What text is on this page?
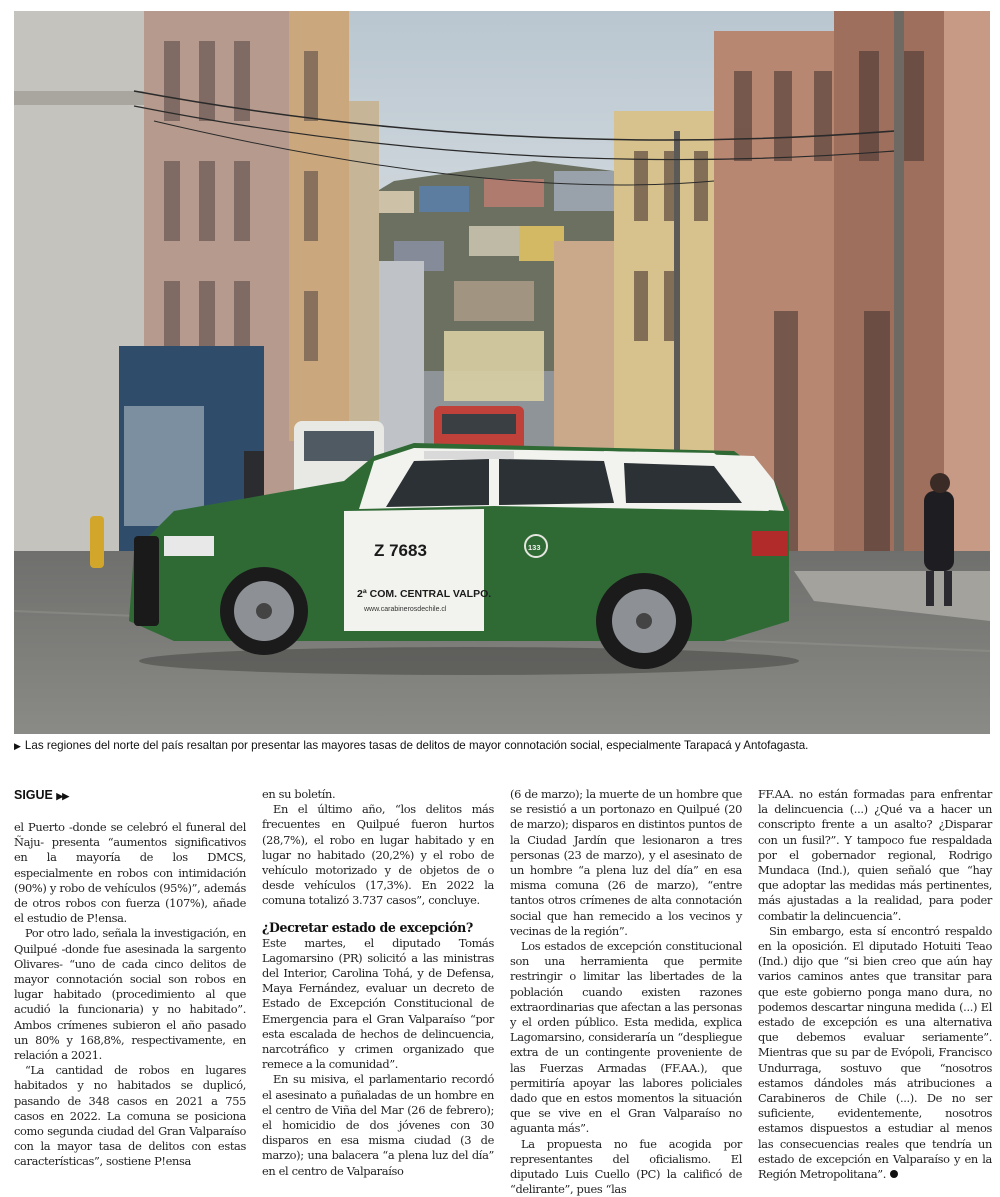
Z 7683
2ª COM. CENTRAL VALPO.
www.carabinerosdechile.cl
133
▶ Las regiones del norte del país resaltan por presentar las mayores tasas de delitos de mayor connotación social, especialmente Tarapacá y Antofagasta.
SIGUE ▶▶

el Puerto -donde se celebró el funeral del Ñaju- presenta “aumentos significativos en la mayoría de los DMCS, especialmente en robos con intimidación (90%) y robo de vehículos (95%)”, además de otros robos con fuerza (107%), añade el estudio de P!ensa.

Por otro lado, señala la investigación, en Quilpué -donde fue asesinada la sargento Olivares- “uno de cada cinco delitos de mayor connotación social son robos en lugar habitado (procedimiento al que acudió la funcionaria) y no habitado”. Ambos crímenes subieron el año pasado un 80% y 168,8%, respectivamente, en relación a 2021.

“La cantidad de robos en lugares habitados y no habitados se duplicó, pasando de 348 casos en 2021 a 755 casos en 2022. La comuna se posiciona como segunda ciudad del Gran Valparaíso con la mayor tasa de delitos con estas características”, sostiene P!ensa

en su boletín.

En el último año, “los delitos más frecuentes en Quilpué fueron hurtos (28,7%), el robo en lugar habitado y en lugar no habitado (20,2%) y el robo de vehículo motorizado y de objetos de o desde vehículos (17,3%). En 2022 la comuna totalizó 3.737 casos”, concluye.

¿Decretar estado de excepción?

Este martes, el diputado Tomás Lagomarsino (PR) solicitó a las ministras del Interior, Carolina Tohá, y de Defensa, Maya Fernández, evaluar un decreto de Estado de Excepción Constitucional de Emergencia para el Gran Valparaíso “por esta escalada de hechos de delincuencia, narcotráfico y crimen organizado que remece a la comunidad”.

En su misiva, el parlamentario recordó el asesinato a puñaladas de un hombre en el centro de Viña del Mar (26 de febrero); el homicidio de dos jóvenes con 30 disparos en esa misma ciudad (3 de marzo); una balacera “a plena luz del día” en el centro de Valparaíso

(6 de marzo); la muerte de un hombre que se resistió a un portonazo en Quilpué (20 de marzo); disparos en distintos puntos de la Ciudad Jardín que lesionaron a tres personas (23 de marzo), y el asesinato de un hombre “a plena luz del día” en esa misma comuna (26 de marzo), “entre tantos otros crímenes de alta connotación social que han remecido a los vecinos y vecinas de la región”.

Los estados de excepción constitucional son una herramienta que permite restringir o limitar las libertades de la población cuando existen razones extraordinarias que afectan a las personas y el orden público. Esta medida, explica Lagomarsino, consideraría un “despliegue extra de un contingente proveniente de las Fuerzas Armadas (FF.AA.), que permitiría apoyar las labores policiales dado que en estos momentos la situación que se vive en el Gran Valparaíso no aguanta más”.

La propuesta no fue acogida por representantes del oficialismo. El diputado Luis Cuello (PC) la calificó de “delirante”, pues “las

FF.AA. no están formadas para enfrentar la delincuencia (...) ¿Qué va a hacer un conscripto frente a un asalto? ¿Disparar con un fusil?”. Y tampoco fue respaldada por el gobernador regional, Rodrigo Mundaca (Ind.), quien señaló que “hay que adoptar las medidas más pertinentes, más ajustadas a la realidad, para poder combatir la delincuencia”.

Sin embargo, esta sí encontró respaldo en la oposición. El diputado Hotuiti Teao (Ind.) dijo que “si bien creo que aún hay varios caminos antes que transitar para que este gobierno ponga mano dura, no podemos descartar ninguna medida (...) El estado de excepción es una alternativa que debemos evaluar seriamente”. Mientras que su par de Evópoli, Francisco Undurraga, sostuvo que “nosotros estamos dándoles más atribuciones a Carabineros de Chile (...). De no ser suficiente, evidentemente, nosotros estamos dispuestos a estudiar al menos las consecuencias reales que tendría un estado de excepción en Valparaíso y en la Región Metropolitana”.
